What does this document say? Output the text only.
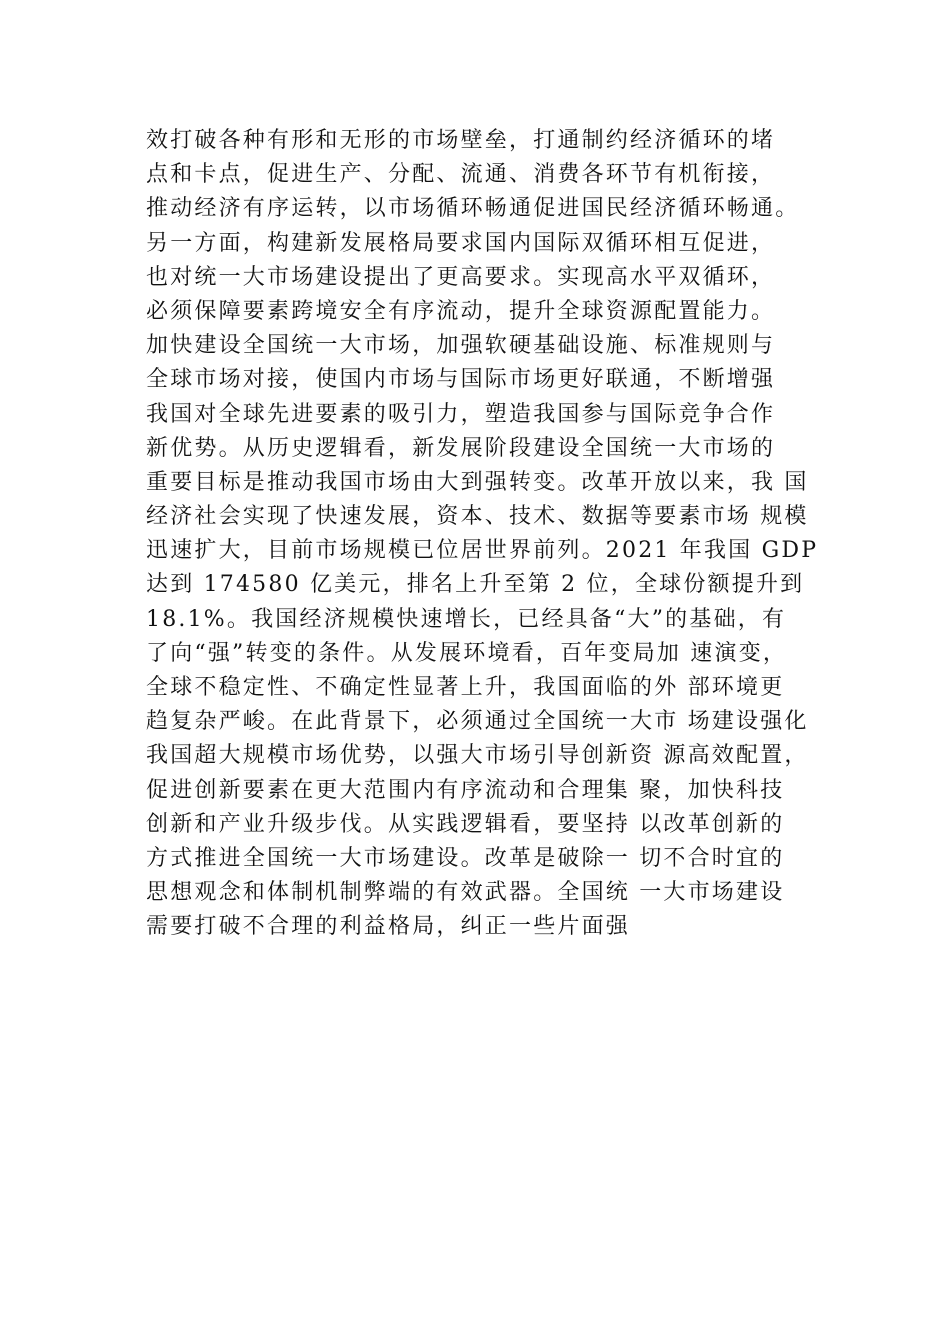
效打破各种有形和无形的市场壁垒，打通制约经济循环的堵
点和卡点，促进生产、分配、流通、消费各环节有机衔接，
推动经济有序运转，以市场循环畅通促进国民经济循环畅通。
另一方面，构建新发展格局要求国内国际双循环相互促进，
也对统一大市场建设提出了更高要求。实现高水平双循环，
必须保障要素跨境安全有序流动，提升全球资源配置能力。
加快建设全国统一大市场，加强软硬基础设施、标准规则与
全球市场对接，使国内市场与国际市场更好联通，不断增强
我国对全球先进要素的吸引力，塑造我国参与国际竞争合作
新优势。从历史逻辑看，新发展阶段建设全国统一大市场的
重要目标是推动我国市场由大到强转变。改革开放以来，我 国
经济社会实现了快速发展，资本、技术、数据等要素市场 规模
迅速扩大，目前市场规模已位居世界前列。2021 年我国 GDP
达到 174580 亿美元，排名上升至第 2 位，全球份额提升到
18.1%。我国经济规模快速增长，已经具备“大”的基础，有
了向“强”转变的条件。从发展环境看，百年变局加 速演变，
全球不稳定性、不确定性显著上升，我国面临的外 部环境更
趋复杂严峻。在此背景下，必须通过全国统一大市 场建设强化
我国超大规模市场优势，以强大市场引导创新资 源高效配置，
促进创新要素在更大范围内有序流动和合理集 聚，加快科技
创新和产业升级步伐。从实践逻辑看，要坚持 以改革创新的
方式推进全国统一大市场建设。改革是破除一 切不合时宜的
思想观念和体制机制弊端的有效武器。全国统 一大市场建设
需要打破不合理的利益格局，纠正一些片面强
